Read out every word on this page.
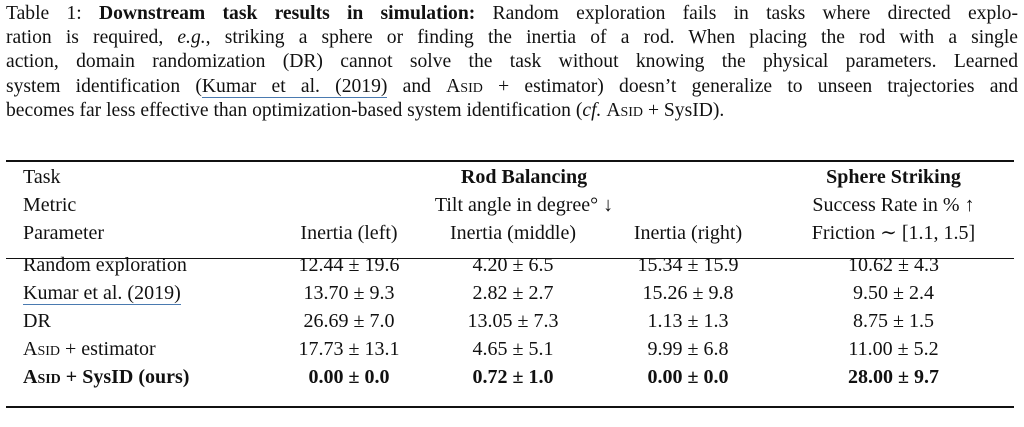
Table 1: Downstream task results in simulation: Random exploration fails in tasks where directed explo-
ration is required, e.g., striking a sphere or finding the inertia of a rod. When placing the rod with a single
action, domain randomization (DR) cannot solve the task without knowing the physical parameters. Learned
system identification (Kumar et al. (2019) and Asid + estimator) doesn’t generalize to unseen trajectories and
becomes far less effective than optimization-based system identification (cf. Asid + SysID).
Task	Rod Balancing			Sphere Striking
Metric	Tilt angle in degree° ↓			Success Rate in % ↑
Parameter	Inertia (left)	Inertia (middle)	Inertia (right)	Friction ∼ [1.1, 1.5]

Random exploration	12.44 ± 19.6	4.20 ± 6.5	15.34 ± 15.9	10.62 ± 4.3
Kumar et al. (2019)	13.70 ± 9.3	2.82 ± 2.7	15.26 ± 9.8	9.50 ± 2.4
DR	26.69 ± 7.0	13.05 ± 7.3	1.13 ± 1.3	8.75 ± 1.5
Asid + estimator	17.73 ± 13.1	4.65 ± 5.1	9.99 ± 6.8	11.00 ± 5.2
Asid + SysID (ours)	0.00 ± 0.0	0.72 ± 1.0	0.00 ± 0.0	28.00 ± 9.7
